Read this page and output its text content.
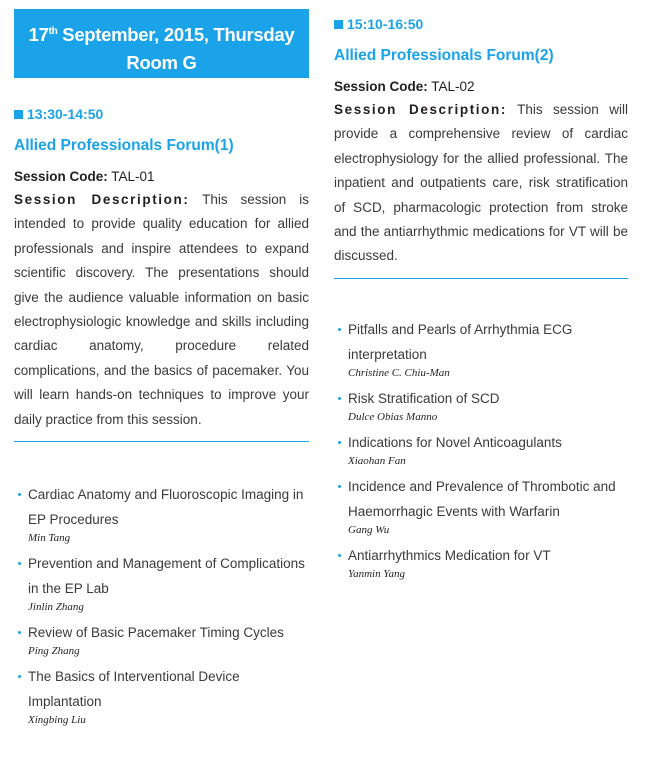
17th September, 2015, Thursday
Room G
13:30-14:50
Allied Professionals Forum(1)
Session Code: TAL-01
Session Description: This session is intended to provide quality education for allied professionals and inspire attendees to expand scientific discovery. The presentations should give the audience valuable information on basic electrophysiologic knowledge and skills including cardiac anatomy, procedure related complications, and the basics of pacemaker. You will learn hands-on techniques to improve your daily practice from this session.
Cardiac Anatomy and Fluoroscopic Imaging in EP Procedures
Min Tang
Prevention and Management of Complications in the EP Lab
Jinlin Zhang
Review of Basic Pacemaker Timing Cycles
Ping Zhang
The Basics of Interventional Device Implantation
Xingbing Liu
15:10-16:50
Allied Professionals Forum(2)
Session Code: TAL-02
Session Description: This session will provide a comprehensive review of cardiac electrophysiology for the allied professional. The inpatient and outpatients care, risk stratification of SCD, pharmacologic protection from stroke and the antiarrhythmic medications for VT will be discussed.
Pitfalls and Pearls of Arrhythmia ECG interpretation
Christine C. Chiu-Man
Risk Stratification of SCD
Dulce Obias Manno
Indications for Novel Anticoagulants
Xiaohan Fan
Incidence and Prevalence of Thrombotic and Haemorrhagic Events with Warfarin
Gang Wu
Antiarrhythmics Medication for VT
Yanmin Yang
